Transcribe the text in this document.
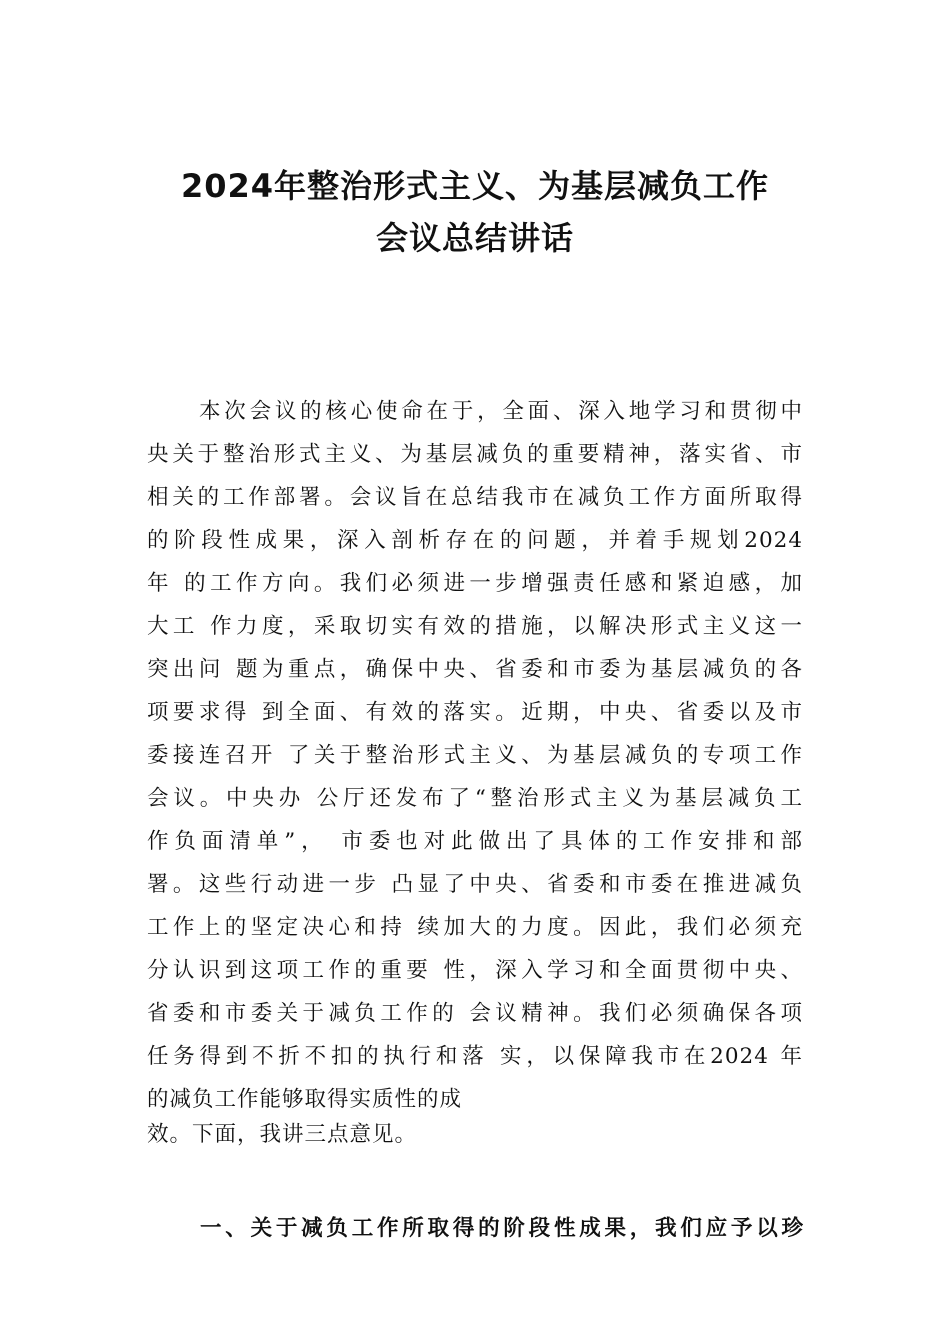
2024年整治形式主义、为基层减负工作
会议总结讲话
本次会议的核心使命在于，全面、深入地学习和贯彻中
央关于整治形式主义、为基层减负的重要精神，落实省、市
相关的工作部署。会议旨在总结我市在减负工作方面所取得
的阶段性成果，深入剖析存在的问题，并着手规划2024
年 的工作方向。我们必须进一步增强责任感和紧迫感，加
大工 作力度，采取切实有效的措施，以解决形式主义这一
突出问 题为重点，确保中央、省委和市委为基层减负的各
项要求得 到全面、有效的落实。近期，中央、省委以及市
委接连召开 了关于整治形式主义、为基层减负的专项工作
会议。中央办 公厅还发布了“整治形式主义为基层减负工
作负面清单”， 市委也对此做出了具体的工作安排和部
署。这些行动进一步 凸显了中央、省委和市委在推进减负
工作上的坚定决心和持 续加大的力度。因此，我们必须充
分认识到这项工作的重要 性，深入学习和全面贯彻中央、
省委和市委关于减负工作的 会议精神。我们必须确保各项
任务得到不折不扣的执行和落 实，以保障我市在2024 年
的减负工作能够取得实质性的成
效。下面，我讲三点意见。
一、关于减负工作所取得的阶段性成果，我们应予以珍
